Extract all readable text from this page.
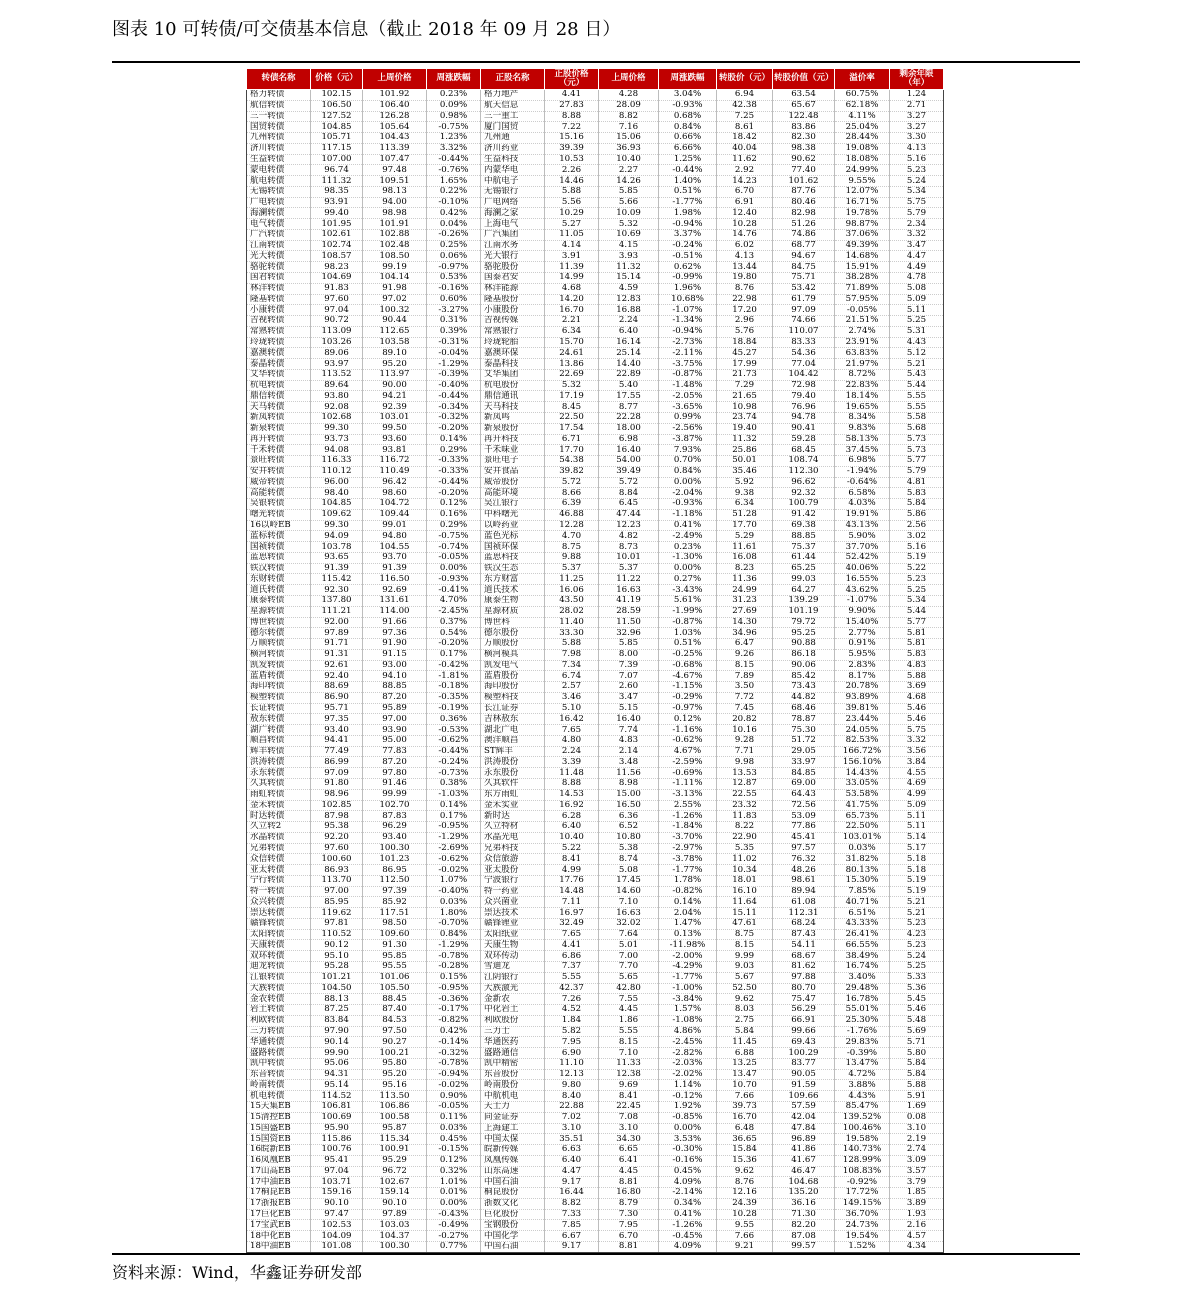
图表 10 可转债/可交债基本信息（截止 2018 年 09 月 28 日）
转债名称	价格（元）	上周价格	周涨跌幅	正股名称	正股价格（元）	上周价格	周涨跌幅	转股价（元）	转股价值（元）	溢价率	剩余年限（年）
格力转债	102.15	101.92	0.23%	格力地产	4.41	4.28	3.04%	6.94	63.54	60.75%	1.24
航信转债	106.50	106.40	0.09%	航天信息	27.83	28.09	-0.93%	42.38	65.67	62.18%	2.71
三一转债	127.52	126.28	0.98%	三一重工	8.88	8.82	0.68%	7.25	122.48	4.11%	3.27
国贸转债	104.85	105.64	-0.75%	厦门国贸	7.22	7.16	0.84%	8.61	83.86	25.04%	3.27
九州转债	105.71	104.43	1.23%	九州通	15.16	15.06	0.66%	18.42	82.30	28.44%	3.30
济川转债	117.15	113.39	3.32%	济川药业	39.39	36.93	6.66%	40.04	98.38	19.08%	4.13
生益转债	107.00	107.47	-0.44%	生益科技	10.53	10.40	1.25%	11.62	90.62	18.08%	5.16
蒙电转债	96.74	97.48	-0.76%	内蒙华电	2.26	2.27	-0.44%	2.92	77.40	24.99%	5.23
航电转债	111.32	109.51	1.65%	中航电子	14.46	14.26	1.40%	14.23	101.62	9.55%	5.24
无锡转债	98.35	98.13	0.22%	无锡银行	5.88	5.85	0.51%	6.70	87.76	12.07%	5.34
广电转债	93.91	94.00	-0.10%	广电网络	5.56	5.66	-1.77%	6.91	80.46	16.71%	5.75
海澜转债	99.40	98.98	0.42%	海澜之家	10.29	10.09	1.98%	12.40	82.98	19.78%	5.79
电气转债	101.95	101.91	0.04%	上海电气	5.27	5.32	-0.94%	10.28	51.26	98.87%	2.34
广汽转债	102.61	102.88	-0.26%	广汽集团	11.05	10.69	3.37%	14.76	74.86	37.06%	3.32
江南转债	102.74	102.48	0.25%	江南水务	4.14	4.15	-0.24%	6.02	68.77	49.39%	3.47
光大转债	108.57	108.50	0.06%	光大银行	3.91	3.93	-0.51%	4.13	94.67	14.68%	4.47
骆驼转债	98.23	99.19	-0.97%	骆驼股份	11.39	11.32	0.62%	13.44	84.75	15.91%	4.49
国君转债	104.69	104.14	0.53%	国泰君安	14.99	15.14	-0.99%	19.80	75.71	38.28%	4.78
林洋转债	91.83	91.98	-0.16%	林洋能源	4.68	4.59	1.96%	8.76	53.42	71.89%	5.08
隆基转债	97.60	97.02	0.60%	隆基股份	14.20	12.83	10.68%	22.98	61.79	57.95%	5.09
小康转债	97.04	100.32	-3.27%	小康股份	16.70	16.88	-1.07%	17.20	97.09	-0.05%	5.11
吉视转债	90.72	90.44	0.31%	吉视传媒	2.21	2.24	-1.34%	2.96	74.66	21.51%	5.25
常熟转债	113.09	112.65	0.39%	常熟银行	6.34	6.40	-0.94%	5.76	110.07	2.74%	5.31
玲珑转债	103.26	103.58	-0.31%	玲珑轮胎	15.70	16.14	-2.73%	18.84	83.33	23.91%	4.43
嘉澳转债	89.06	89.10	-0.04%	嘉澳环保	24.61	25.14	-2.11%	45.27	54.36	63.83%	5.12
泰晶转债	93.97	95.20	-1.29%	泰晶科技	13.86	14.40	-3.75%	17.99	77.04	21.97%	5.21
艾华转债	113.52	113.97	-0.39%	艾华集团	22.69	22.89	-0.87%	21.73	104.42	8.72%	5.43
杭电转债	89.64	90.00	-0.40%	杭电股份	5.32	5.40	-1.48%	7.29	72.98	22.83%	5.44
鼎信转债	93.80	94.21	-0.44%	鼎信通讯	17.19	17.55	-2.05%	21.65	79.40	18.14%	5.55
天马转债	92.08	92.39	-0.34%	天马科技	8.45	8.77	-3.65%	10.98	76.96	19.65%	5.55
新凤转债	102.68	103.01	-0.32%	新凤鸣	22.50	22.28	0.99%	23.74	94.78	8.34%	5.58
新泉转债	99.30	99.50	-0.20%	新泉股份	17.54	18.00	-2.56%	19.40	90.41	9.83%	5.68
再升转债	93.73	93.60	0.14%	再升科技	6.71	6.98	-3.87%	11.32	59.28	58.13%	5.73
千禾转债	94.08	93.81	0.29%	千禾味业	17.70	16.40	7.93%	25.86	68.45	37.45%	5.73
景旺转债	116.33	116.72	-0.33%	景旺电子	54.38	54.00	0.70%	50.01	108.74	6.98%	5.77
安井转债	110.12	110.49	-0.33%	安井食品	39.82	39.49	0.84%	35.46	112.30	-1.94%	5.79
威帝转债	96.00	96.42	-0.44%	威帝股份	5.72	5.72	0.00%	5.92	96.62	-0.64%	4.81
高能转债	98.40	98.60	-0.20%	高能环境	8.66	8.84	-2.04%	9.38	92.32	6.58%	5.83
吴银转债	104.85	104.72	0.12%	吴江银行	6.39	6.45	-0.93%	6.34	100.79	4.03%	5.84
曙光转债	109.62	109.44	0.16%	中科曙光	46.88	47.44	-1.18%	51.28	91.42	19.91%	5.86
16以岭EB	99.30	99.01	0.29%	以岭药业	12.28	12.23	0.41%	17.70	69.38	43.13%	2.56
蓝标转债	94.09	94.80	-0.75%	蓝色光标	4.70	4.82	-2.49%	5.29	88.85	5.90%	3.02
国祯转债	103.78	104.55	-0.74%	国祯环保	8.75	8.73	0.23%	11.61	75.37	37.70%	5.16
蓝思转债	93.65	93.70	-0.05%	蓝思科技	9.88	10.01	-1.30%	16.08	61.44	52.42%	5.19
铁汉转债	91.39	91.39	0.00%	铁汉生态	5.37	5.37	0.00%	8.23	65.25	40.06%	5.22
东财转债	115.42	116.50	-0.93%	东方财富	11.25	11.22	0.27%	11.36	99.03	16.55%	5.23
道氏转债	92.30	92.69	-0.41%	道氏技术	16.06	16.63	-3.43%	24.99	64.27	43.62%	5.25
康泰转债	137.80	131.61	4.70%	康泰生物	43.50	41.19	5.61%	31.23	139.29	-1.07%	5.34
星源转债	111.21	114.00	-2.45%	星源材质	28.02	28.59	-1.99%	27.69	101.19	9.90%	5.44
博世转债	92.00	91.66	0.37%	博世科	11.40	11.50	-0.87%	14.30	79.72	15.40%	5.77
德尔转债	97.89	97.36	0.54%	德尔股份	33.30	32.96	1.03%	34.96	95.25	2.77%	5.81
万顺转债	91.71	91.90	-0.20%	万顺股份	5.88	5.85	0.51%	6.47	90.88	0.91%	5.81
横河转债	91.31	91.15	0.17%	横河模具	7.98	8.00	-0.25%	9.26	86.18	5.95%	5.83
凯发转债	92.61	93.00	-0.42%	凯发电气	7.34	7.39	-0.68%	8.15	90.06	2.83%	4.83
蓝盾转债	92.40	94.10	-1.81%	蓝盾股份	6.74	7.07	-4.67%	7.89	85.42	8.17%	5.88
海印转债	88.69	88.85	-0.18%	海印股份	2.57	2.60	-1.15%	3.50	73.43	20.78%	3.69
模塑转债	86.90	87.20	-0.35%	模塑科技	3.46	3.47	-0.29%	7.72	44.82	93.89%	4.68
长证转债	95.71	95.89	-0.19%	长江证券	5.10	5.15	-0.97%	7.45	68.46	39.81%	5.46
敖东转债	97.35	97.00	0.36%	吉林敖东	16.42	16.40	0.12%	20.82	78.87	23.44%	5.46
湖广转债	93.40	93.90	-0.53%	湖北广电	7.65	7.74	-1.16%	10.16	75.30	24.05%	5.75
顺昌转债	94.41	95.00	-0.62%	澳洋顺昌	4.80	4.83	-0.62%	9.28	51.72	82.53%	3.32
辉丰转债	77.49	77.83	-0.44%	ST辉丰	2.24	2.14	4.67%	7.71	29.05	166.72%	3.56
洪涛转债	86.99	87.20	-0.24%	洪涛股份	3.39	3.48	-2.59%	9.98	33.97	156.10%	3.84
永东转债	97.09	97.80	-0.73%	永东股份	11.48	11.56	-0.69%	13.53	84.85	14.43%	4.55
久其转债	91.80	91.46	0.38%	久其软件	8.88	8.98	-1.11%	12.87	69.00	33.05%	4.69
雨虹转债	98.96	99.99	-1.03%	东方雨虹	14.53	15.00	-3.13%	22.55	64.43	53.58%	4.99
金禾转债	102.85	102.70	0.14%	金禾实业	16.92	16.50	2.55%	23.32	72.56	41.75%	5.09
时达转债	87.98	87.83	0.17%	新时达	6.28	6.36	-1.26%	11.83	53.09	65.73%	5.11
久立转2	95.38	96.29	-0.95%	久立特材	6.40	6.52	-1.84%	8.22	77.86	22.50%	5.11
水晶转债	92.20	93.40	-1.29%	水晶光电	10.40	10.80	-3.70%	22.90	45.41	103.01%	5.14
兄弟转债	97.60	100.30	-2.69%	兄弟科技	5.22	5.38	-2.97%	5.35	97.57	0.03%	5.17
众信转债	100.60	101.23	-0.62%	众信旅游	8.41	8.74	-3.78%	11.02	76.32	31.82%	5.18
亚太转债	86.93	86.95	-0.02%	亚太股份	4.99	5.08	-1.77%	10.34	48.26	80.13%	5.18
宁行转债	113.70	112.50	1.07%	宁波银行	17.76	17.45	1.78%	18.01	98.61	15.30%	5.19
特一转债	97.00	97.39	-0.40%	特一药业	14.48	14.60	-0.82%	16.10	89.94	7.85%	5.19
众兴转债	85.95	85.92	0.03%	众兴菌业	7.11	7.10	0.14%	11.64	61.08	40.71%	5.21
崇达转债	119.62	117.51	1.80%	崇达技术	16.97	16.63	2.04%	15.11	112.31	6.51%	5.21
赣锋转债	97.81	98.50	-0.70%	赣锋锂业	32.49	32.02	1.47%	47.61	68.24	43.33%	5.23
太阳转债	110.52	109.60	0.84%	太阳纸业	7.65	7.64	0.13%	8.75	87.43	26.41%	4.23
天康转债	90.12	91.30	-1.29%	天康生物	4.41	5.01	-11.98%	8.15	54.11	66.55%	5.23
双环转债	95.10	95.85	-0.78%	双环传动	6.86	7.00	-2.00%	9.99	68.67	38.49%	5.24
迪龙转债	95.28	95.55	-0.28%	雪迪龙	7.37	7.70	-4.29%	9.03	81.62	16.74%	5.25
江银转债	101.21	101.06	0.15%	江阴银行	5.55	5.65	-1.77%	5.67	97.88	3.40%	5.33
大族转债	104.50	105.50	-0.95%	大族激光	42.37	42.80	-1.00%	52.50	80.70	29.48%	5.36
金农转债	88.13	88.45	-0.36%	金新农	7.26	7.55	-3.84%	9.62	75.47	16.78%	5.45
岩土转债	87.25	87.40	-0.17%	中化岩土	4.52	4.45	1.57%	8.03	56.29	55.01%	5.46
利欧转债	83.84	84.53	-0.82%	利欧股份	1.84	1.86	-1.08%	2.75	66.91	25.30%	5.48
三力转债	97.90	97.50	0.42%	三力士	5.82	5.55	4.86%	5.84	99.66	-1.76%	5.69
华通转债	90.14	90.27	-0.14%	华通医药	7.95	8.15	-2.45%	11.45	69.43	29.83%	5.71
盛路转债	99.90	100.21	-0.32%	盛路通信	6.90	7.10	-2.82%	6.88	100.29	-0.39%	5.80
凯中转债	95.06	95.80	-0.78%	凯中精密	11.10	11.33	-2.03%	13.25	83.77	13.47%	5.84
东音转债	94.31	95.20	-0.94%	东音股份	12.13	12.38	-2.02%	13.47	90.05	4.72%	5.84
岭南转债	95.14	95.16	-0.02%	岭南股份	9.80	9.69	1.14%	10.70	91.59	3.88%	5.88
机电转债	114.52	113.50	0.90%	中航机电	8.40	8.41	-0.12%	7.66	109.66	4.43%	5.91
15天集EB	106.81	106.86	-0.05%	天士力	22.88	22.45	1.92%	39.73	57.59	85.47%	1.69
15清控EB	100.69	100.58	0.11%	同金证券	7.02	7.08	-0.85%	16.70	42.04	139.52%	0.08
15国盛EB	95.90	95.87	0.03%	上海建工	3.10	3.10	0.00%	6.48	47.84	100.46%	3.10
15国资EB	115.86	115.34	0.45%	中国太保	35.51	34.30	3.53%	36.65	96.89	19.58%	2.19
16皖新EB	100.76	100.91	-0.15%	皖新传媒	6.63	6.65	-0.30%	15.84	41.86	140.73%	2.74
16凤凰EB	95.41	95.29	0.12%	凤凰传媒	6.40	6.41	-0.16%	15.36	41.67	128.99%	3.09
17山高EB	97.04	96.72	0.32%	山东高速	4.47	4.45	0.45%	9.62	46.47	108.83%	3.57
17中油EB	103.71	102.67	1.01%	中国石油	9.17	8.81	4.09%	8.76	104.68	-0.92%	3.79
17桐昆EB	159.16	159.14	0.01%	桐昆股份	16.44	16.80	-2.14%	12.16	135.20	17.72%	1.85
17浙报EB	90.10	90.10	0.00%	浙数文化	8.82	8.79	0.34%	24.39	36.16	149.15%	3.89
17巨化EB	97.47	97.89	-0.43%	巨化股份	7.33	7.30	0.41%	10.28	71.30	36.70%	1.93
17宝武EB	102.53	103.03	-0.49%	宝钢股份	7.85	7.95	-1.26%	9.55	82.20	24.73%	2.16
18中化EB	104.09	104.37	-0.27%	中国化学	6.67	6.70	-0.45%	7.66	87.08	19.54%	4.57
18中油EB	101.08	100.30	0.77%	中国石油	9.17	8.81	4.09%	9.21	99.57	1.52%	4.34
资料来源：Wind，华鑫证券研发部
